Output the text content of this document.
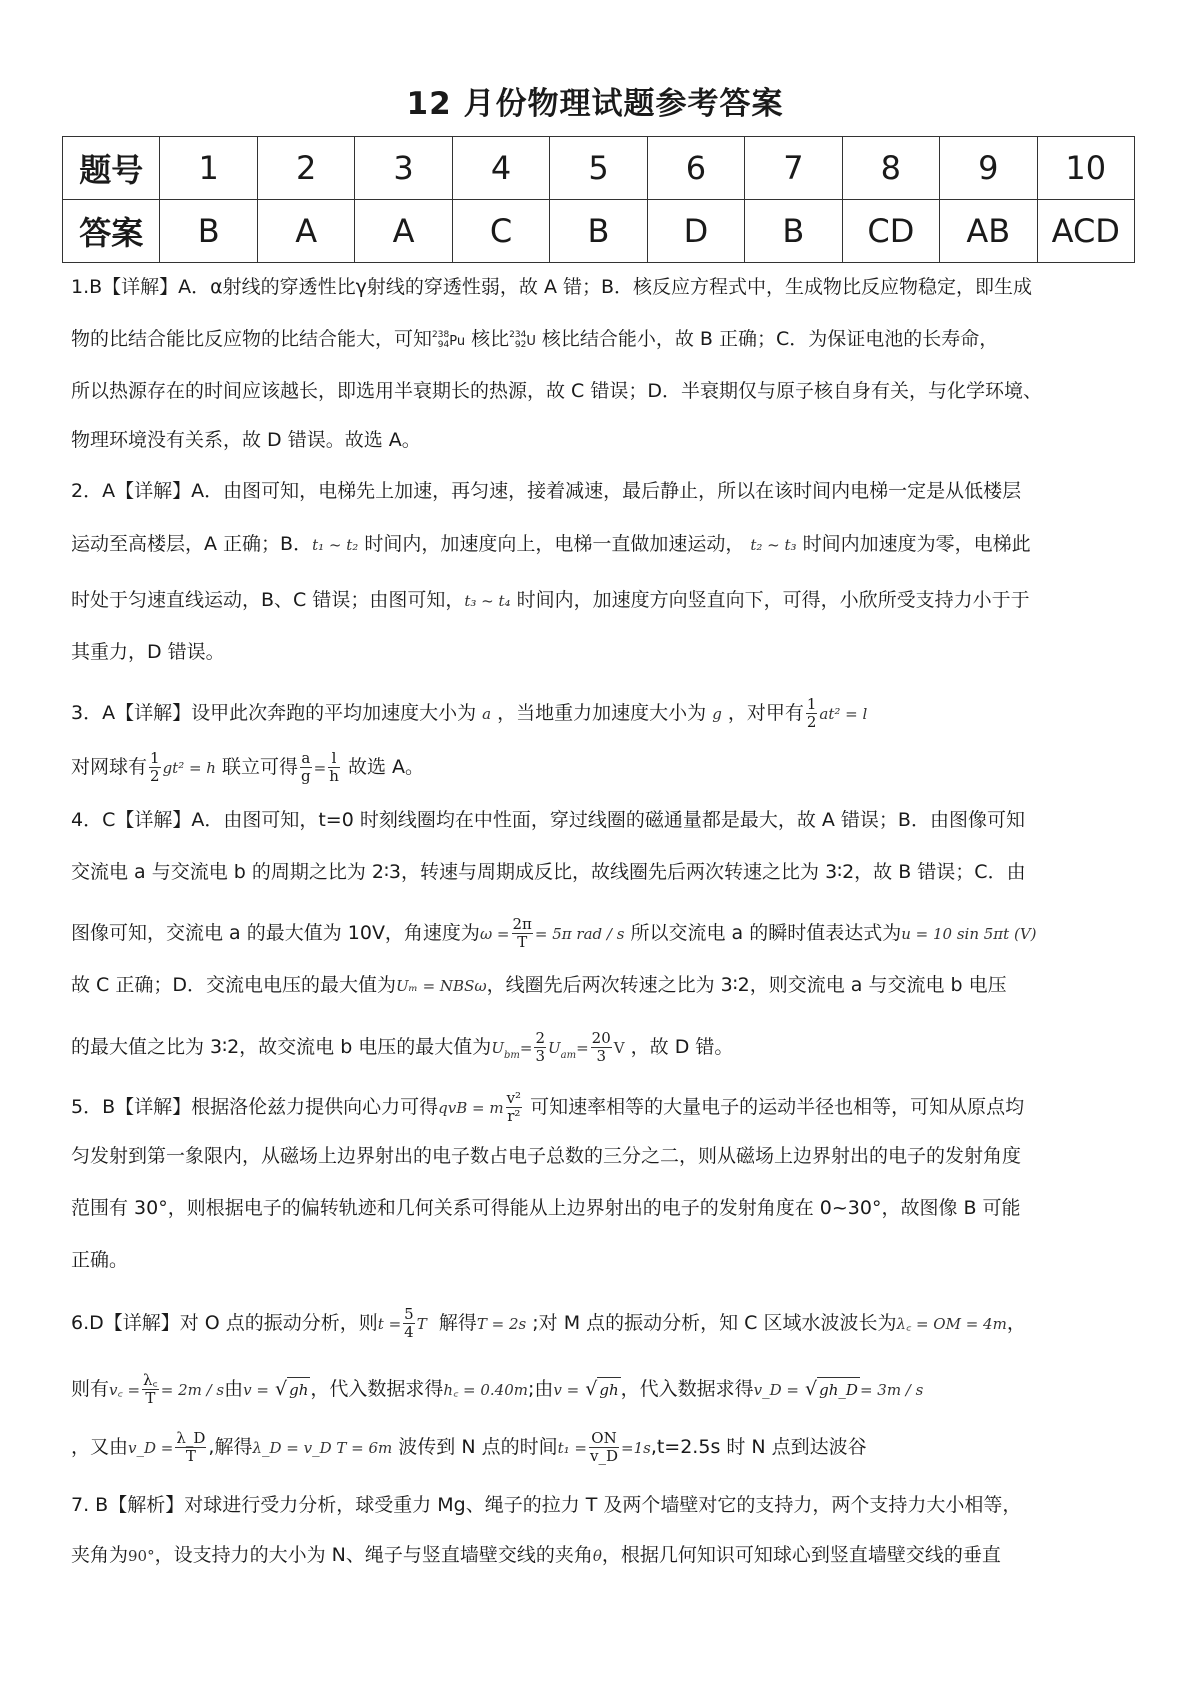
12 月份物理试题参考答案
题号	1	2	3	4	5	6	7	8	9	10
答案	B	A	A	C	B	D	B	CD	AB	ACD
1.B【详解】A．α射线的穿透性比γ射线的穿透性弱，故 A 错；B．核反应方程式中，生成物比反应物稳定，即生成
物的比结合能比反应物的比结合能大，可知 238
94 Pu 核比 234
92 U 核比结合能小，故 B 正确；C．为保证电池的长寿命，
所以热源存在的时间应该越长，即选用半衰期长的热源，故 C 错误；D．半衰期仅与原子核自身有关，与化学环境、
物理环境没有关系，故 D 错误。故选 A。
2．A【详解】A．由图可知，电梯先上加速，再匀速，接着减速，最后静止，所以在该时间内电梯一定是从低楼层
运动至高楼层，A 正确；B．t₁ ~ t₂ 时间内，加速度向上，电梯一直做加速运动， t₂ ~ t₃ 时间内加速度为零，电梯此
时处于匀速直线运动，B、C 错误；由图可知，t₃ ~ t₄ 时间内，加速度方向竖直向下，可得，小欣所受支持力小于于
其重力，D 错误。
3．A【详解】设甲此次奔跑的平均加速度大小为 a ，当地重力加速度大小为 g ，对甲有 $\frac{1}{2} at^2 = l$
对网球有 $\frac{1}{2} gt^2 = h$ 联立可得 $\frac{a}{g} = \frac{l}{h}$ 故选 A。
4．C【详解】A．由图可知，t=0 时刻线圈均在中性面，穿过线圈的磁通量都是最大，故 A 错误；B．由图像可知
交流电 a 与交流电 b 的周期之比为 2∶3，转速与周期成反比，故线圈先后两次转速之比为 3∶2，故 B 错误；C．由
图像可知，交流电 a 的最大值为 10V，角速度为$\omega = \frac{2\pi}{T} = 5\pi$ rad / s 所以交流电 a 的瞬时值表达式为u = 10 sin 5πt (V)
故 C 正确；D．交流电电压的最大值为Uₘ = NBSω，线圈先后两次转速之比为 3∶2，则交流电 a 与交流电 b 电压
的最大值之比为 3∶2，故交流电 b 电压的最大值为$U_{bm}= \frac{2}{3} U_{am}= \frac{20}{3}$ V ，故 D 错。
5．B【详解】根据洛伦兹力提供向心力可得qvB = m $\frac{\text{v²}}{\text{r²}}$ 可知速率相等的大量电子的运动半径也相等，可知从原点均
匀发射到第一象限内，从磁场上边界射出的电子数占电子总数的三分之二，则从磁场上边界射出的电子的发射角度
范围有 30°，则根据电子的偏转轨迹和几何关系可得能从上边界射出的电子的发射角度在 0~30°，故图像 B 可能
正确。
6.D【详解】对 O 点的振动分析，则$t = \frac{5}{4}$ T 解得T = 2s ;对 M 点的振动分析，知 C 区域水波波长为λ꜀ = OM = 4m，
则有v꜀ = $\frac{\lambda꜀}{T} = 2m / s$由v = √ gh ，代入数据求得h꜀ = 0.40m;由v = √ gh ，代入数据求得v_D = √ gh_D = 3m / s
，又由v_D = $\frac{\lambda\_D}{T}$ ,解得λ_D = v_D T = 6m 波传到 N 点的时间$t_1 = \frac{ON}{v\_D} =1s,t=2.5s$ 时 N 点到达波谷
7. B【解析】对球进行受力分析，球受重力 Mg、绳子的拉力 T 及两个墙壁对它的支持力，两个支持力大小相等，
夹角为90°，设支持力的大小为 N、绳子与竖直墙壁交线的夹角θ，根据几何知识可知球心到竖直墙壁交线的垂直
